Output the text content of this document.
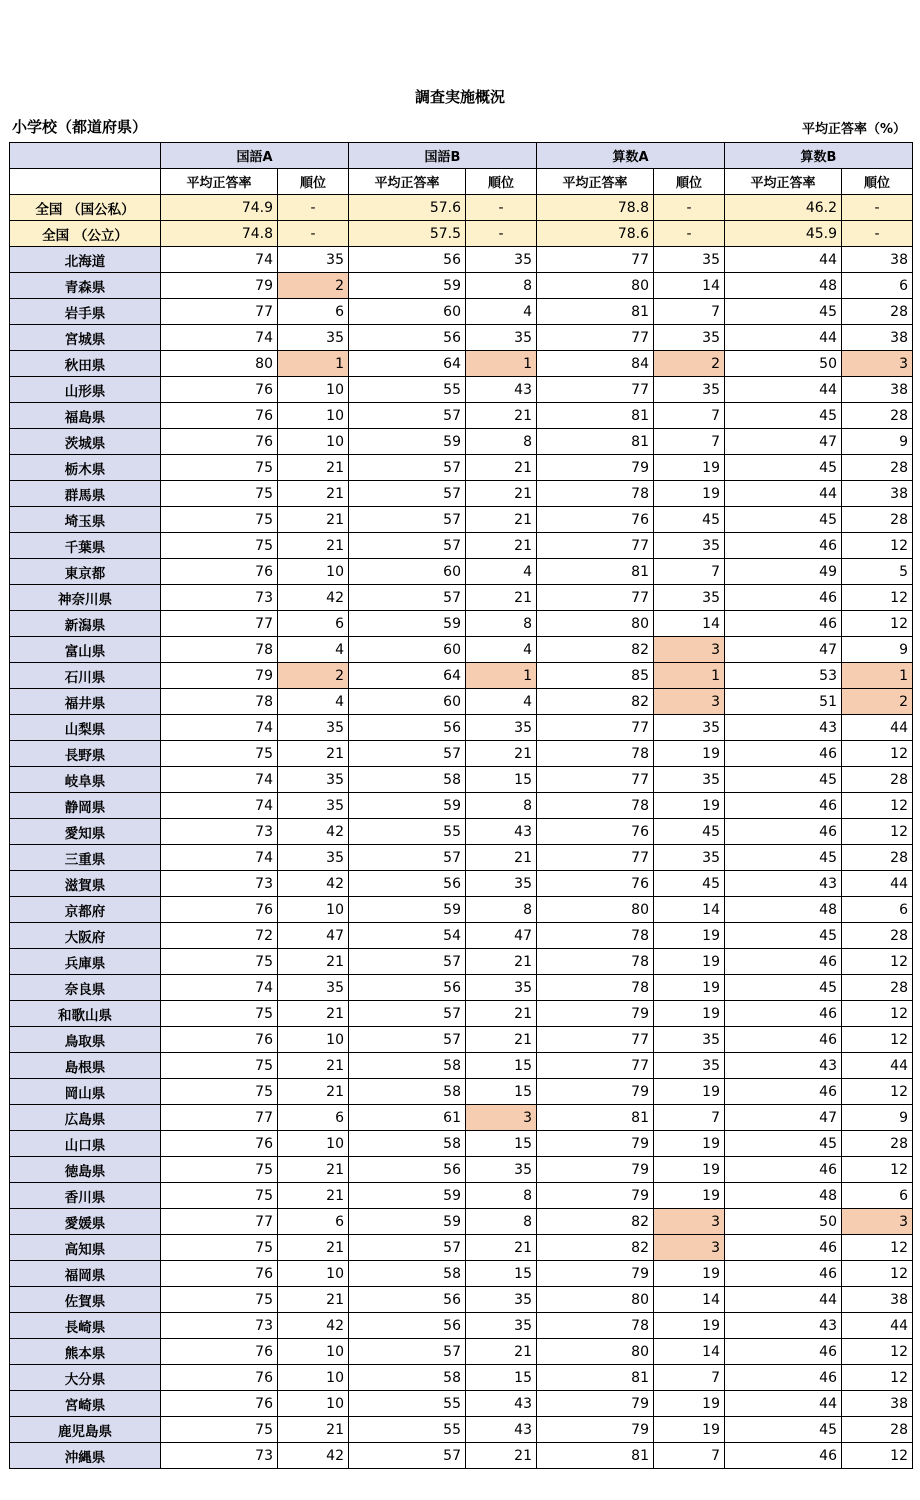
調査実施概況
小学校（都道府県）	平均正答率（%）
	国語A		国語B		算数A		算数B	
	平均正答率	順位	平均正答率	順位	平均正答率	順位	平均正答率	順位
全国 （国公私）	74.9	-	57.6	-	78.8	-	46.2	-
全国 （公立）	74.8	-	57.5	-	78.6	-	45.9	-
北海道	74	35	56	35	77	35	44	38
青森県	79	2	59	8	80	14	48	6
岩手県	77	6	60	4	81	7	45	28
宮城県	74	35	56	35	77	35	44	38
秋田県	80	1	64	1	84	2	50	3
山形県	76	10	55	43	77	35	44	38
福島県	76	10	57	21	81	7	45	28
茨城県	76	10	59	8	81	7	47	9
栃木県	75	21	57	21	79	19	45	28
群馬県	75	21	57	21	78	19	44	38
埼玉県	75	21	57	21	76	45	45	28
千葉県	75	21	57	21	77	35	46	12
東京都	76	10	60	4	81	7	49	5
神奈川県	73	42	57	21	77	35	46	12
新潟県	77	6	59	8	80	14	46	12
富山県	78	4	60	4	82	3	47	9
石川県	79	2	64	1	85	1	53	1
福井県	78	4	60	4	82	3	51	2
山梨県	74	35	56	35	77	35	43	44
長野県	75	21	57	21	78	19	46	12
岐阜県	74	35	58	15	77	35	45	28
静岡県	74	35	59	8	78	19	46	12
愛知県	73	42	55	43	76	45	46	12
三重県	74	35	57	21	77	35	45	28
滋賀県	73	42	56	35	76	45	43	44
京都府	76	10	59	8	80	14	48	6
大阪府	72	47	54	47	78	19	45	28
兵庫県	75	21	57	21	78	19	46	12
奈良県	74	35	56	35	78	19	45	28
和歌山県	75	21	57	21	79	19	46	12
鳥取県	76	10	57	21	77	35	46	12
島根県	75	21	58	15	77	35	43	44
岡山県	75	21	58	15	79	19	46	12
広島県	77	6	61	3	81	7	47	9
山口県	76	10	58	15	79	19	45	28
徳島県	75	21	56	35	79	19	46	12
香川県	75	21	59	8	79	19	48	6
愛媛県	77	6	59	8	82	3	50	3
高知県	75	21	57	21	82	3	46	12
福岡県	76	10	58	15	79	19	46	12
佐賀県	75	21	56	35	80	14	44	38
長崎県	73	42	56	35	78	19	43	44
熊本県	76	10	57	21	80	14	46	12
大分県	76	10	58	15	81	7	46	12
宮崎県	76	10	55	43	79	19	44	38
鹿児島県	75	21	55	43	79	19	45	28
沖縄県	73	42	57	21	81	7	46	12
